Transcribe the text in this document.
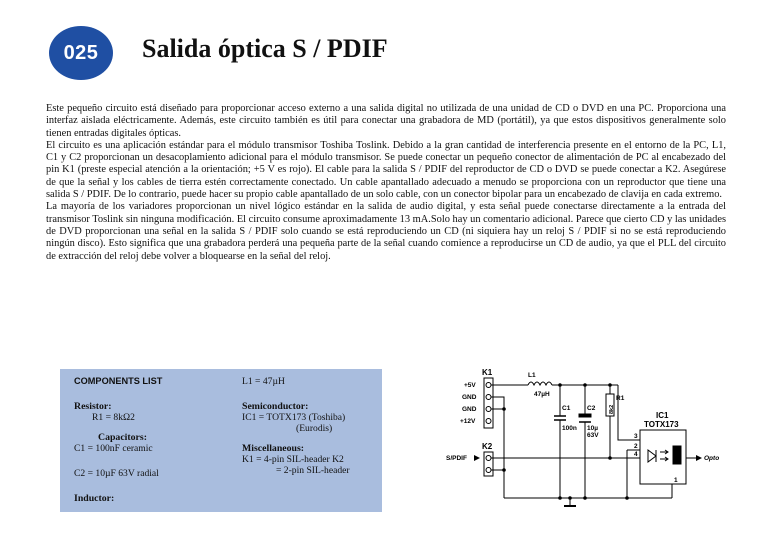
025 Salida óptica S / PDIF

Este pequeño circuito está diseñado para proporcionar acceso externo a una salida digital no utilizada de una unidad de CD o DVD en una PC. Proporciona una interfaz aislada eléctricamente. Además, este circuito también es útil para conectar una grabadora de MD (portátil), ya que estos dispositivos generalmente solo tienen entradas digitales ópticas.

El circuito es una aplicación estándar para el módulo transmisor Toshiba Toslink. Debido a la gran cantidad de interferencia presente en el entorno de la PC, L1, C1 y C2 proporcionan un desacoplamiento adicional para el módulo transmisor. Se puede conectar un pequeño conector de alimentación de PC al encabezado del pin K1 (preste especial atención a la orientación; +5 V es rojo). El cable para la salida S / PDIF del reproductor de CD o DVD se puede conectar a K2. Asegúrese de que la señal y los cables de tierra estén correctamente conectado. Un cable apantallado adecuado a menudo se proporciona con un reproductor que tiene una salida S / PDIF. De lo contrario, puede hacer su propio cable apantallado de un solo cable, con un conector bipolar para un encabezado de clavija en cada extremo.

La mayoría de los variadores proporcionan un nivel lógico estándar en la salida de audio digital, y esta señal puede conectarse directamente a la entrada del transmisor Toslink sin ninguna modificación. El circuito consume aproximadamente 13 mA.Solo hay un comentario adicional. Parece que cierto CD y las unidades de DVD proporcionan una señal en la salida S / PDIF solo cuando se está reproduciendo un CD (ni siquiera hay un reloj S / PDIF si no se está reproduciendo ningún disco). Esto significa que una grabadora perderá una pequeña parte de la señal cuando comience a reproducirse un CD de audio, ya que el PLL del circuito de extracción del reloj debe volver a bloquearse en la señal del reloj.

COMPONENTS LIST
Resistor:
R1 = 8kΩ2
Capacitors:
C1 = 100nF ceramic
C2 = 10µF 63V radial
Inductor:
L1 = 47µH
Semiconductor:
IC1 = TOTX173 (Toshiba)
(Eurodis)
Miscellaneous:
K1 = 4-pin SIL-header K2
= 2-pin SIL-header
K1
K2
+5V
GND
GND
+12V
S/PDIF
L1
47µH
C1
100n
C2
10µ
63V
R1
8k2
IC1
TOTX173
3
2
4
1
Opto
